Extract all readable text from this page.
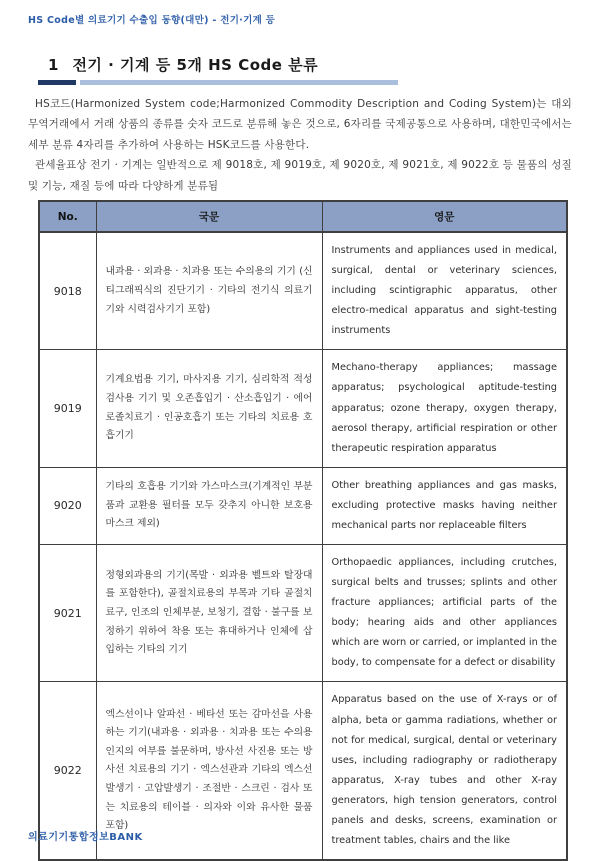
HS Code별 의료기기 수출입 동향(대만) - 전기·기계 등
1 전기 · 기계 등 5개 HS Code 분류

HS코드(Harmonized System code;Harmonized Commodity Description and Coding System)는 대외 무역거래에서 거래 상품의 종류를 숫자 코드로 분류해 놓은 것으로, 6자리를 국제공통으로 사용하며, 대한민국에서는 세부 분류 4자리를 추가하여 사용하는 HSK코드를 사용한다.

관세율표상 전기 · 기계는 일반적으로 제 9018호, 제 9019호, 제 9020호, 제 9021호, 제 9022호 등 물품의 성질 및 기능, 재질 등에 따라 다양하게 분류됨

No.	국문	영문
9018	내과용 · 외과용 · 치과용 또는 수의용의 기기 (신티그래픽식의 진단기기 · 기타의 전기식 의료기기와 시력검사기기 포함)	Instruments and appliances used in medical, surgical, dental or veterinary sciences, including scintigraphic apparatus, other electro-medical apparatus and sight-testing instruments
9019	기계요법용 기기, 마사지용 기기, 심리학적 적성검사용 기기 및 오존흡입기 · 산소흡입기 · 에어로졸치료기 · 인공호흡기 또는 기타의 치료용 호흡기기	Mechano-therapy appliances; massage apparatus; psychological aptitude-testing apparatus; ozone therapy, oxygen therapy, aerosol therapy, artificial respiration or other therapeutic respiration apparatus
9020	기타의 호흡용 기기와 가스마스크(기계적인 부분품과 교환용 필터를 모두 갖추지 아니한 보호용 마스크 제외)	Other breathing appliances and gas masks, excluding protective masks having neither mechanical parts nor replaceable filters
9021	정형외과용의 기기(목발 · 외과용 벨트와 탈장대를 포함한다), 골절치료용의 부목과 기타 골절치료구, 인조의 인체부분, 보청기, 결함 · 불구를 보정하기 위하여 착용 또는 휴대하거나 인체에 삽입하는 기타의 기기	Orthopaedic appliances, including crutches, surgical belts and trusses; splints and other fracture appliances; artificial parts of the body; hearing aids and other appliances which are worn or carried, or implanted in the body, to compensate for a defect or disability
9022	엑스선이나 알파선 · 베타선 또는 감마선을 사용하는 기기(내과용 · 외과용 · 치과용 또는 수의용인지의 여부를 불문하며, 방사선 사진용 또는 방사선 치료용의 기기 · 엑스선관과 기타의 엑스선 발생기 · 고압발생기 · 조절반 · 스크린 · 검사 또는 치료용의 테이블 · 의자와 이와 유사한 물품 포함)	Apparatus based on the use of X-rays or of alpha, beta or gamma radiations, whether or not for medical, surgical, dental or veterinary uses, including radiography or radiotherapy apparatus, X-ray tubes and other X-ray generators, high tension generators, control panels and desks, screens, examination or treatment tables, chairs and the like
의료기기통합정보BANK
